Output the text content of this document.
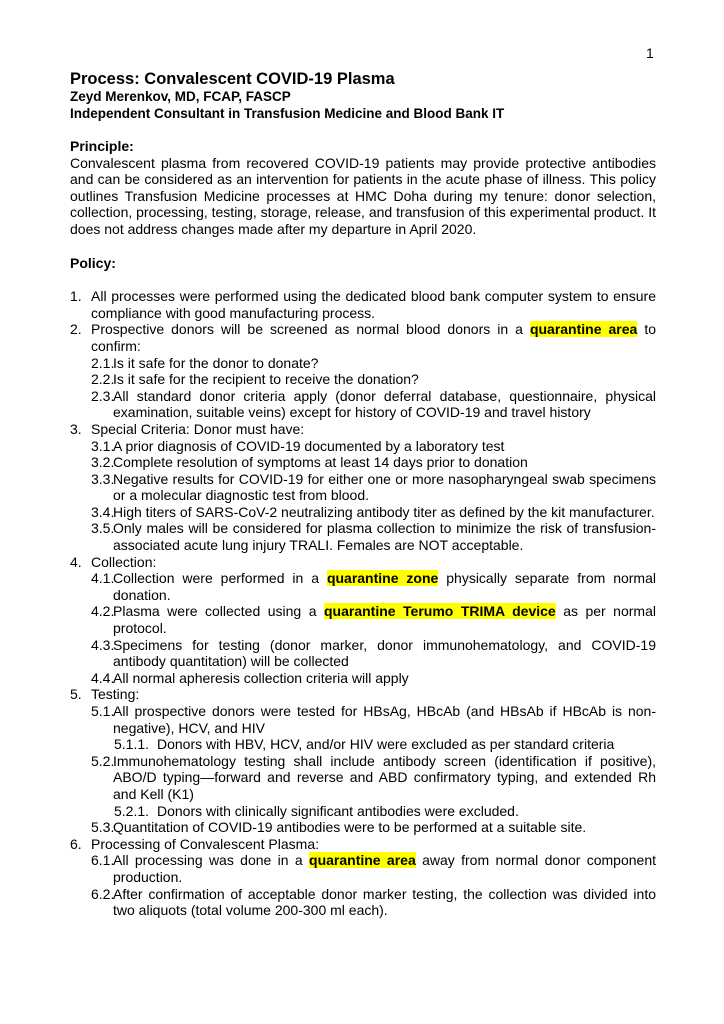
1

Process: Convalescent COVID-19 Plasma

Zeyd Merenkov, MD, FCAP, FASCP

Independent Consultant in Transfusion Medicine and Blood Bank IT

Principle:

Convalescent plasma from recovered COVID-19 patients may provide protective antibodies and can be considered as an intervention for patients in the acute phase of illness. This policy outlines Transfusion Medicine processes at HMC Doha during my tenure: donor selection, collection, processing, testing, storage, release, and transfusion of this experimental product. It does not address changes made after my departure in April 2020.

Policy:

1. All processes were performed using the dedicated blood bank computer system to ensure compliance with good manufacturing process.
2. Prospective donors will be screened as normal blood donors in a quarantine area to confirm:
2.1.
Is it safe for the donor to donate?
2.2.
Is it safe for the recipient to receive the donation?
2.3.
All standard donor criteria apply (donor deferral database, questionnaire, physical examination, suitable veins) except for history of COVID-19 and travel history
3. Special Criteria: Donor must have:
3.1.
A prior diagnosis of COVID-19 documented by a laboratory test
3.2.
Complete resolution of symptoms at least 14 days prior to donation
3.3.
Negative results for COVID-19 for either one or more nasopharyngeal swab specimens or a molecular diagnostic test from blood.
3.4.
High titers of SARS-CoV-2 neutralizing antibody titer as defined by the kit manufacturer.
3.5.
Only males will be considered for plasma collection to minimize the risk of transfusion-associated acute lung injury TRALI. Females are NOT acceptable.
4. Collection:
4.1.
Collection were performed in a quarantine zone physically separate from normal donation.
4.2.
Plasma were collected using a quarantine Terumo TRIMA device as per normal protocol.
4.3.
Specimens for testing (donor marker, donor immunohematology, and COVID-19 antibody quantitation) will be collected
4.4.
All normal apheresis collection criteria will apply
5. Testing:
5.1.
All prospective donors were tested for HBsAg, HBcAb (and HBsAb if HBcAb is non-negative), HCV, and HIV
5.1.1. Donors with HBV, HCV, and/or HIV were excluded as per standard criteria
5.2.
Immunohematology testing shall include antibody screen (identification if positive), ABO/D typing—forward and reverse and ABD confirmatory typing, and extended Rh and Kell (K1)
5.2.1. Donors with clinically significant antibodies were excluded.
5.3.
Quantitation of COVID-19 antibodies were to be performed at a suitable site.
6. Processing of Convalescent Plasma:
6.1.
All processing was done in a quarantine area away from normal donor component production.
6.2.
After confirmation of acceptable donor marker testing, the collection was divided into two aliquots (total volume 200-300 ml each).
